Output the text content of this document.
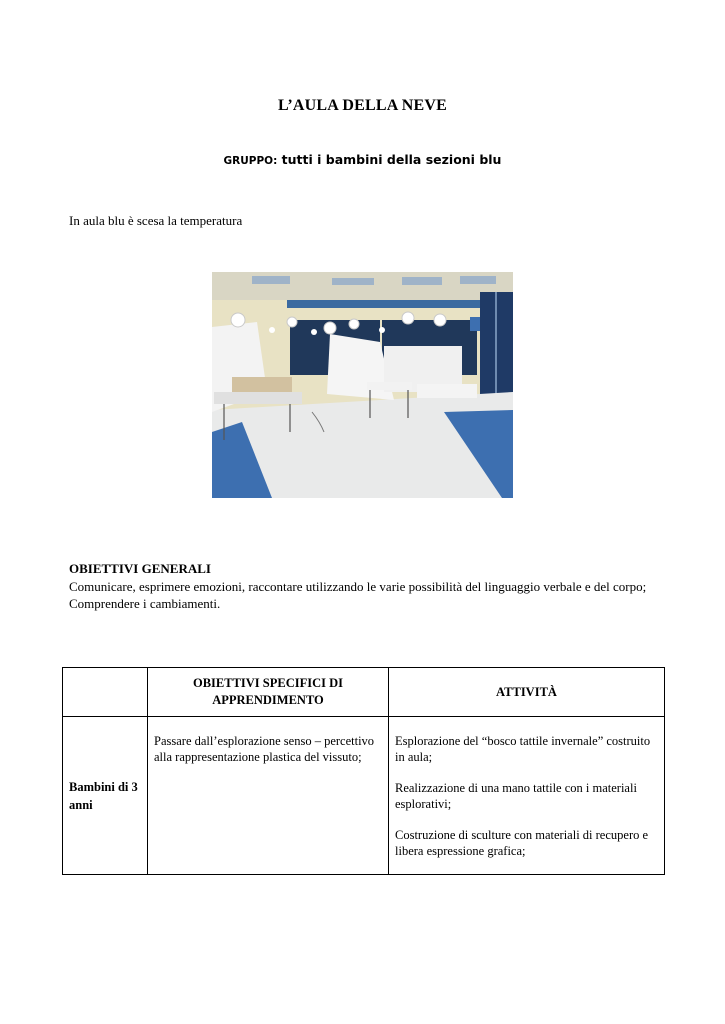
L’AULA DELLA NEVE
GRUPPO: tutti i bambini della sezioni blu
In aula blu è scesa la temperatura
OBIETTIVI GENERALI

Comunicare, esprimere emozioni, raccontare utilizzando le varie possibilità del linguaggio verbale e del corpo;

Comprendere i cambiamenti.

	OBIETTIVI SPECIFICI DI APPRENDIMENTO	ATTIVITÀ
Bambini di 3 anni	Passare dall’esplorazione senso – percettivo alla rappresentazione plastica del vissuto;	Esplorazione del “bosco tattile invernale” costruito in aula;

Realizzazione di una mano tattile con i materiali esplorativi;

Costruzione di sculture con materiali di recupero e libera espressione grafica;
